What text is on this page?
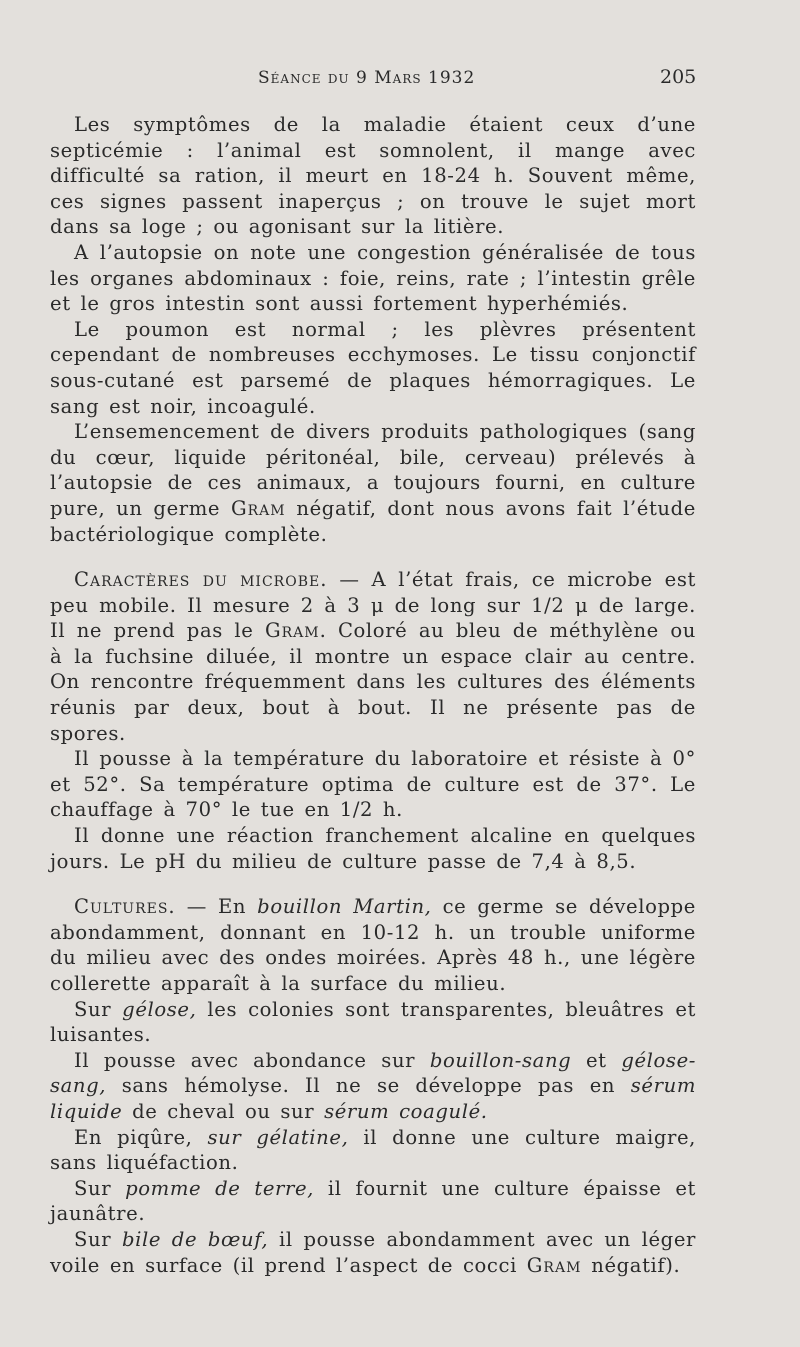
Séance du 9 Mars 1932	205

Les symptômes de la maladie étaient ceux d’une septicémie : l’animal est somnolent, il mange avec difficulté sa ration, il meurt en 18-24 h. Souvent même, ces signes passent inaperçus ; on trouve le sujet mort dans sa loge ; ou agonisant sur la litière.

A l’autopsie on note une congestion généralisée de tous les organes abdominaux : foie, reins, rate ; l’intestin grêle et le gros intestin sont aussi fortement hyperhémiés.

Le poumon est normal ; les plèvres présentent cependant de nombreuses ecchymoses. Le tissu conjonctif sous-cutané est parsemé de plaques hémorragiques. Le sang est noir, incoagulé.

L’ensemencement de divers produits pathologiques (sang du cœur, liquide péritonéal, bile, cerveau) prélevés à l’autopsie de ces animaux, a toujours fourni, en culture pure, un germe Gram négatif, dont nous avons fait l’étude bactériologique complète.

Caractères du microbe. — A l’état frais, ce microbe est peu mobile. Il mesure 2 à 3 μ de long sur 1/2 μ de large. Il ne prend pas le Gram. Coloré au bleu de méthylène ou à la fuchsine diluée, il montre un espace clair au centre. On rencontre fréquemment dans les cultures des éléments réunis par deux, bout à bout. Il ne présente pas de spores.

Il pousse à la température du laboratoire et résiste à 0° et 52°. Sa température optima de culture est de 37°. Le chauffage à 70° le tue en 1/2 h.

Il donne une réaction franchement alcaline en quelques jours. Le pH du milieu de culture passe de 7,4 à 8,5.

Cultures. — En bouillon Martin, ce germe se développe abondamment, donnant en 10-12 h. un trouble uniforme du milieu avec des ondes moirées. Après 48 h., une légère collerette apparaît à la surface du milieu.

Sur gélose, les colonies sont transparentes, bleuâtres et luisantes.

Il pousse avec abondance sur bouillon-sang et gélose-sang, sans hémolyse. Il ne se développe pas en sérum liquide de cheval ou sur sérum coagulé.

En piqûre, sur gélatine, il donne une culture maigre, sans liquéfaction.

Sur pomme de terre, il fournit une culture épaisse et jaunâtre.

Sur bile de bœuf, il pousse abondamment avec un léger voile en surface (il prend l’aspect de cocci Gram négatif).
